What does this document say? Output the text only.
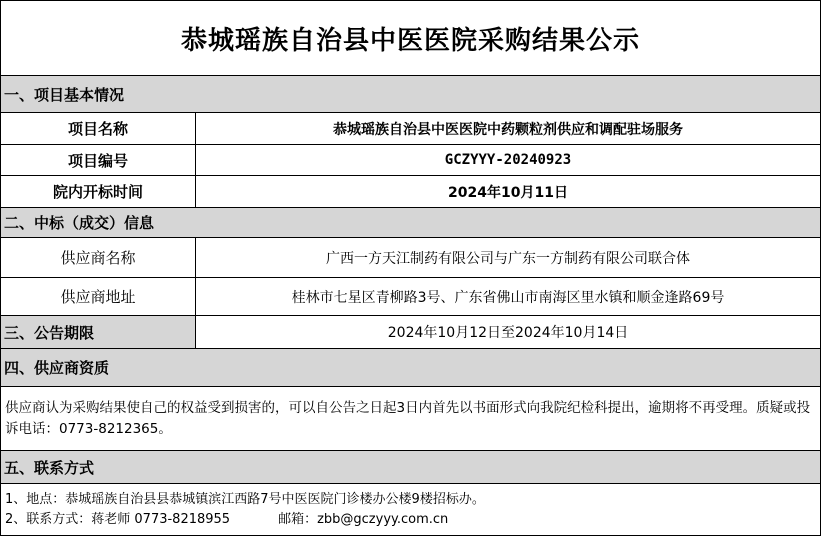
恭城瑶族自治县中医医院采购结果公示	
一、项目基本情况	
项目名称	恭城瑶族自治县中医医院中药颗粒剂供应和调配驻场服务
项目编号	GCZYYY-20240923
院内开标时间	2024年10月11日
二、中标（成交）信息	
供应商名称	广西一方天江制药有限公司与广东一方制药有限公司联合体
供应商地址	桂林市七星区青柳路3号、广东省佛山市南海区里水镇和顺金逢路69号
三、公告期限	2024年10月12日至2024年10月14日
四、供应商资质	
供应商认为采购结果使自己的权益受到损害的，可以自公告之日起3日内首先以书面形式向我院纪检科提出，逾期将不再受理。质疑或投诉电话：0773-8212365。	
五、联系方式	

1、地点：恭城瑶族自治县县恭城镇滨江西路7号中医医院门诊楼办公楼9楼招标办。
2、联系方式：蒋老师 0773-8218955 邮箱：zbb@gczyyy.com.cn	
